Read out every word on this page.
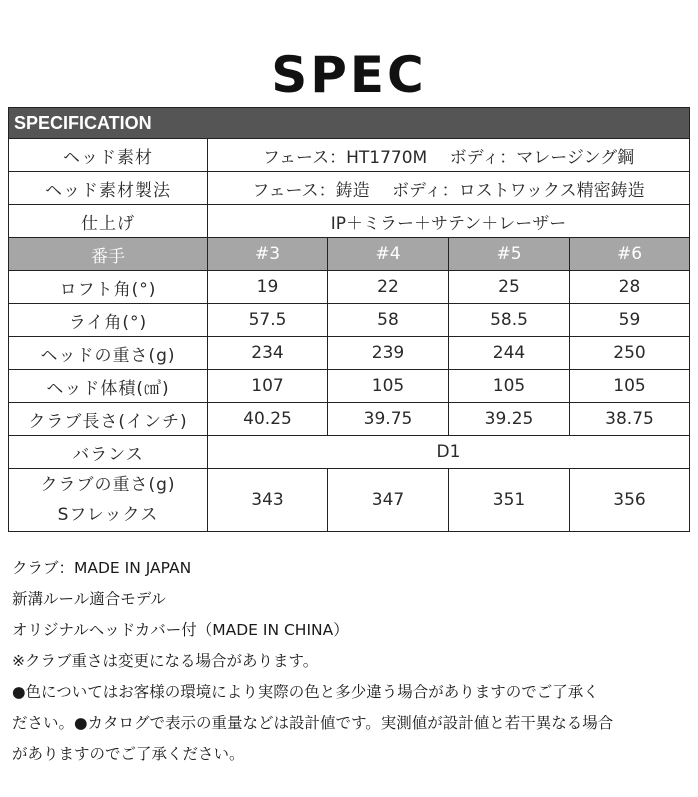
SPEC
SPECIFICATION				
ヘッド素材	フェース：HT1770M　 ボディ：マレージング鋼			
ヘッド素材製法	フェース：鋳造　 ボディ：ロストワックス精密鋳造			
仕上げ	IP＋ミラー＋サテン＋レーザー			
番手	#3	#4	#5	#6
ロフト角(°)	19	22	25	28
ライ角(°)	57.5	58	58.5	59
ヘッドの重さ(g)	234	239	244	250
ヘッド体積(㎤)	107	105	105	105
クラブ長さ(インチ)	40.25	39.75	39.25	38.75
バランス	D1			

クラブの重さ(g)
Sフレックス	343	347	351	356
クラブ：MADE IN JAPAN
新溝ルール適合モデル
オリジナルヘッドカバー付（MADE IN CHINA）
※クラブ重さは変更になる場合があります。
●色についてはお客様の環境により実際の色と多少違う場合がありますのでご了承く
ださい。●カタログで表示の重量などは設計値です。実測値が設計値と若干異なる場合
がありますのでご了承ください。
